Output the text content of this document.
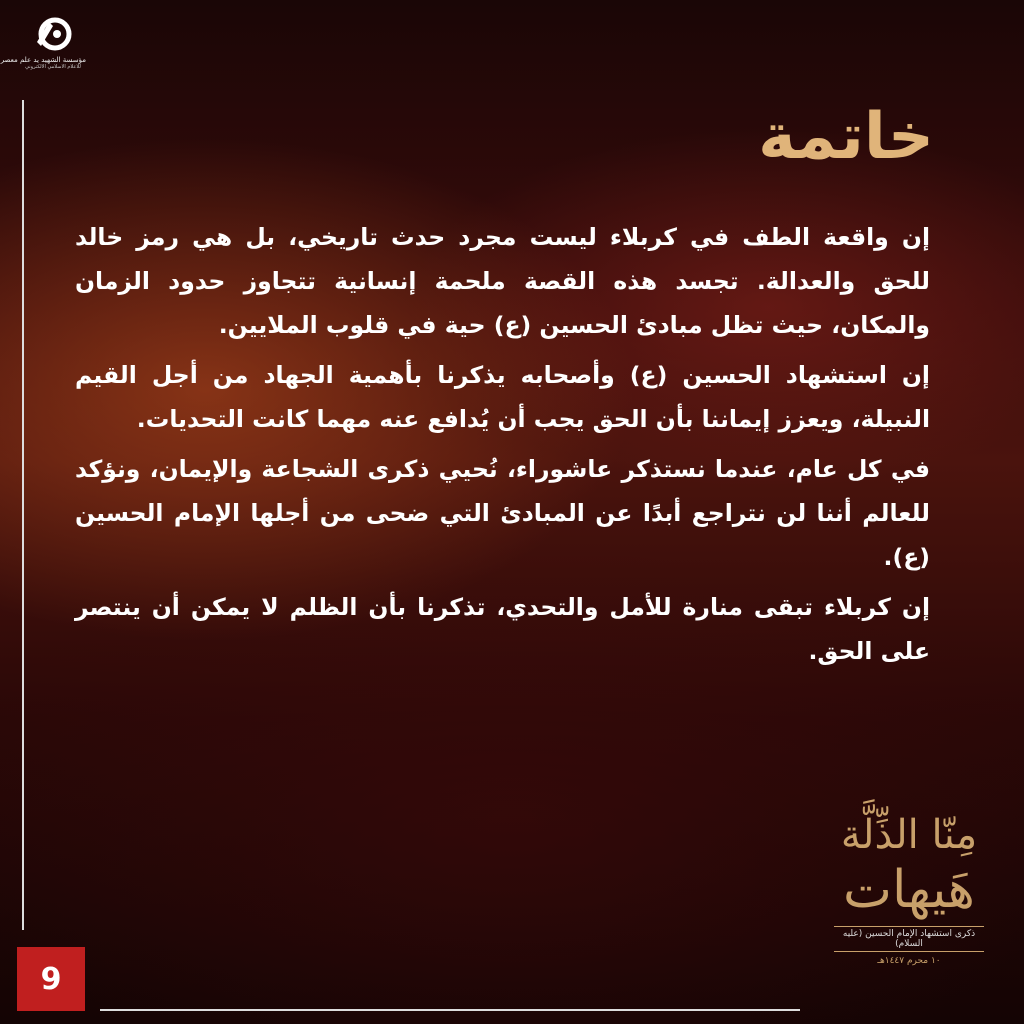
مؤسسة الشهيد يد علم معصر
للاعلام الاسلامي الالكتروني
خاتمة

إن واقعة الطف في كربلاء ليست مجرد حدث تاريخي، بل هي رمز خالد للحق والعدالة. تجسد هذه القصة ملحمة إنسانية تتجاوز حدود الزمان والمكان، حيث تظل مبادئ الحسين (ع) حية في قلوب الملايين.

إن استشهاد الحسين (ع) وأصحابه يذكرنا بأهمية الجهاد من أجل القيم النبيلة، ويعزز إيماننا بأن الحق يجب أن يُدافع عنه مهما كانت التحديات.

في كل عام، عندما نستذكر عاشوراء، نُحيي ذكرى الشجاعة والإيمان، ونؤكد للعالم أننا لن نتراجع أبدًا عن المبادئ التي ضحى من أجلها الإمام الحسين (ع).

إن كربلاء تبقى منارة للأمل والتحدي، تذكرنا بأن الظلم لا يمكن أن ينتصر على الحق.

9
مِنّا الذِّلَّة
هَيهات
ذكرى استشهاد الإمام الحسين (عليه السلام)
١٠ محرم ١٤٤٧هـ
